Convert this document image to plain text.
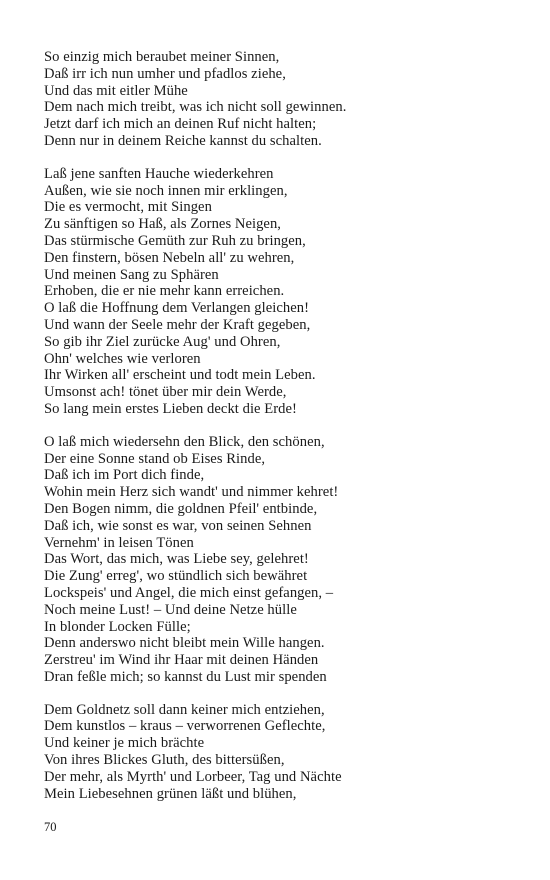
So einzig mich beraubet meiner Sinnen,
Daß irr ich nun umher und pfadlos ziehe,
Und das mit eitler Mühe
Dem nach mich treibt, was ich nicht soll gewinnen.
Jetzt darf ich mich an deinen Ruf nicht halten;
Denn nur in deinem Reiche kannst du schalten.
Laß jene sanften Hauche wiederkehren
Außen, wie sie noch innen mir erklingen,
Die es vermocht, mit Singen
Zu sänftigen so Haß, als Zornes Neigen,
Das stürmische Gemüth zur Ruh zu bringen,
Den finstern, bösen Nebeln all' zu wehren,
Und meinen Sang zu Sphären
Erhoben, die er nie mehr kann erreichen.
O laß die Hoffnung dem Verlangen gleichen!
Und wann der Seele mehr der Kraft gegeben,
So gib ihr Ziel zurücke Aug' und Ohren,
Ohn' welches wie verloren
Ihr Wirken all' erscheint und todt mein Leben.
Umsonst ach! tönet über mir dein Werde,
So lang mein erstes Lieben deckt die Erde!
O laß mich wiedersehn den Blick, den schönen,
Der eine Sonne stand ob Eises Rinde,
Daß ich im Port dich finde,
Wohin mein Herz sich wandt' und nimmer kehret!
Den Bogen nimm, die goldnen Pfeil' entbinde,
Daß ich, wie sonst es war, von seinen Sehnen
Vernehm' in leisen Tönen
Das Wort, das mich, was Liebe sey, gelehret!
Die Zung' erreg', wo stündlich sich bewähret
Lockspeis' und Angel, die mich einst gefangen, –
Noch meine Lust! – Und deine Netze hülle
In blonder Locken Fülle;
Denn anderswo nicht bleibt mein Wille hangen.
Zerstreu' im Wind ihr Haar mit deinen Händen
Dran feßle mich; so kannst du Lust mir spenden
Dem Goldnetz soll dann keiner mich entziehen,
Dem kunstlos – kraus – verworrenen Geflechte,
Und keiner je mich brächte
Von ihres Blickes Gluth, des bittersüßen,
Der mehr, als Myrth' und Lorbeer, Tag und Nächte
Mein Liebesehnen grünen läßt und blühen,
70
